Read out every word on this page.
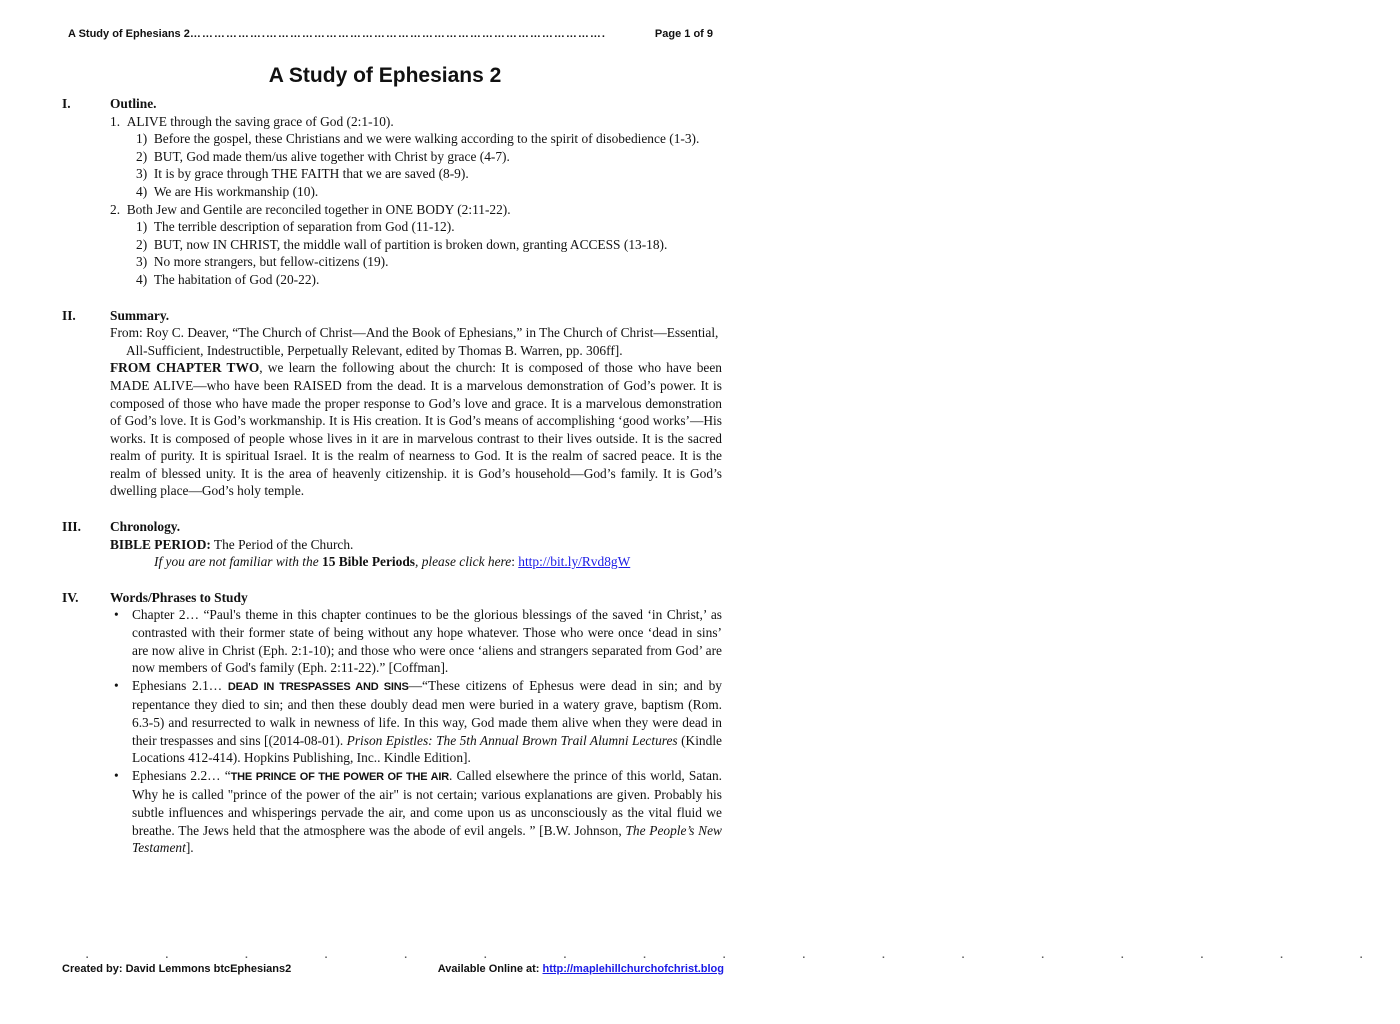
A Study of Ephesians 2 ……………….………………………………………………………………………….	Page 1 of 9
A Study of Ephesians 2
I.	Outline.
1.  ALIVE through the saving grace of God (2:1-10).
1)  Before the gospel, these Christians and we were walking according to the spirit of disobedience (1-3).
2)  BUT, God made them/us alive together with Christ by grace (4-7).
3)  It is by grace through THE FAITH that we are saved (8-9).
4)  We are His workmanship (10).
2.  Both Jew and Gentile are reconciled together in ONE BODY (2:11-22).
1)  The terrible description of separation from God (11-12).
2)  BUT, now IN CHRIST, the middle wall of partition is broken down, granting ACCESS (13-18).
3)  No more strangers, but fellow-citizens (19).
4)  The habitation of God (20-22).
II.	Summary.
From: Roy C. Deaver, “The Church of Christ—And the Book of Ephesians,” in The Church of Christ—Essential, All-Sufficient, Indestructible, Perpetually Relevant, edited by Thomas B. Warren, pp. 306ff].
FROM CHAPTER TWO, we learn the following about the church: It is composed of those who have been MADE ALIVE—who have been RAISED from the dead. It is a marvelous demonstration of God’s power. It is composed of those who have made the proper response to God’s love and grace. It is a marvelous demonstration of God’s love. It is God’s workmanship. It is His creation. It is God’s means of accomplishing ‘good works’—His works. It is composed of people whose lives in it are in marvelous contrast to their lives outside. It is the sacred realm of purity. It is spiritual Israel. It is the realm of nearness to God. It is the realm of sacred peace. It is the realm of blessed unity. It is the area of heavenly citizenship. it is God’s household—God’s family. It is God’s dwelling place—God’s holy temple.
III. Chronology.
BIBLE PERIOD: The Period of the Church.
If you are not familiar with the 15 Bible Periods, please click here: http://bit.ly/Rvd8gW
IV. Words/Phrases to Study
• Chapter 2… “Paul's theme in this chapter continues to be the glorious blessings of the saved ‘in Christ,’ as contrasted with their former state of being without any hope whatever. Those who were once ‘dead in sins’ are now alive in Christ (Eph. 2:1-10); and those who were once ‘aliens and strangers separated from God’ are now members of God's family (Eph. 2:11-22).” [Coffman].
• Ephesians 2.1… DEAD IN TRESPASSES AND SINS—“These citizens of Ephesus were dead in sin; and by repentance they died to sin; and then these doubly dead men were buried in a watery grave, baptism (Rom. 6.3-5) and resurrected to walk in newness of life. In this way, God made them alive when they were dead in their trespasses and sins [(2014-08-01). Prison Epistles: The 5th Annual Brown Trail Alumni Lectures (Kindle Locations 412-414). Hopkins Publishing, Inc.. Kindle Edition].
• Ephesians 2.2… “THE PRINCE OF THE POWER OF THE AIR. Called elsewhere the prince of this world, Satan. Why he is called "prince of the power of the air" is not certain; various explanations are given. Probably his subtle influences and whisperings pervade the air, and come upon us as unconsciously as the vital fluid we breathe. The Jews held that the atmosphere was the abode of evil angels. ” [B.W. Johnson, The People’s New Testament].
▪ ▪ ▪ ▪ ▪ ▪ ▪ ▪ ▪ ▪ ▪ ▪ ▪ ▪ ▪ ▪ ▪
Created by: David Lemmons btcEphesians2	Available Online at: http://maplehillchurchofchrist.blog
